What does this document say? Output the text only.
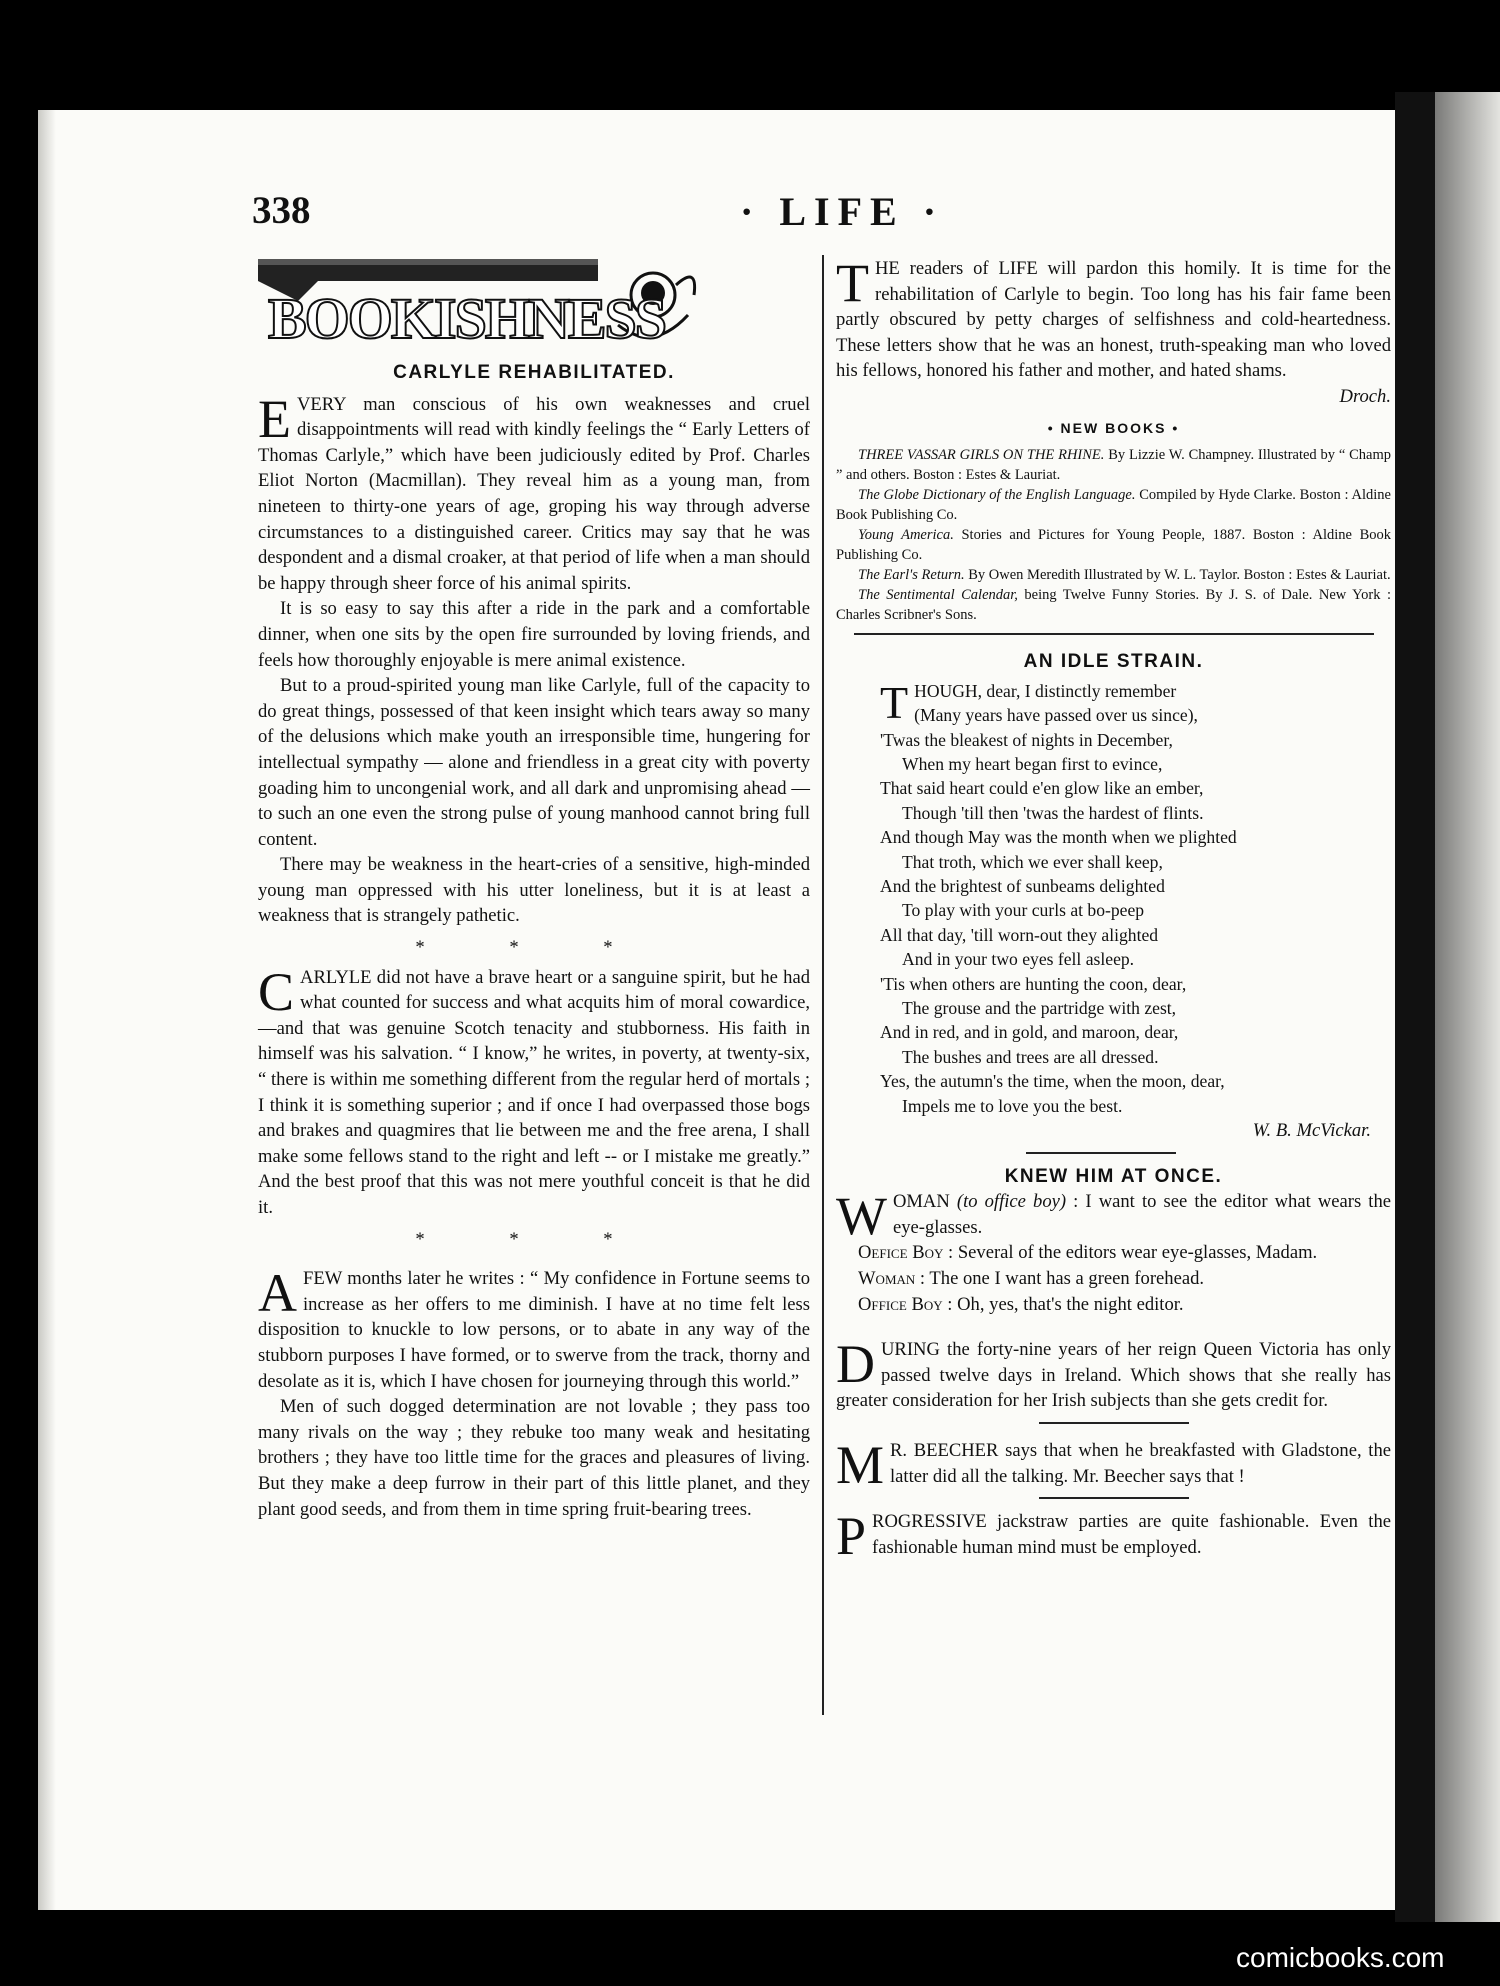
338	· LIFE ·
BOOKISHNESS
CARLYLE REHABILITATED.

EVERY man conscious of his own weaknesses and cruel disappointments will read with kindly feelings the “ Early Letters of Thomas Carlyle,” which have been judiciously edited by Prof. Charles Eliot Norton (Macmillan). They reveal him as a young man, from nineteen to thirty-one years of age, groping his way through adverse circumstances to a distinguished career. Critics may say that he was despondent and a dismal croaker, at that period of life when a man should be happy through sheer force of his animal spirits.

It is so easy to say this after a ride in the park and a comfortable dinner, when one sits by the open fire surrounded by loving friends, and feels how thoroughly enjoyable is mere animal existence.

But to a proud-spirited young man like Carlyle, full of the capacity to do great things, possessed of that keen insight which tears away so many of the delusions which make youth an irresponsible time, hungering for intellectual sympathy — alone and friendless in a great city with poverty goading him to uncongenial work, and all dark and unpromising ahead — to such an one even the strong pulse of young manhood cannot bring full content.

There may be weakness in the heart-cries of a sensitive, high-minded young man oppressed with his utter loneliness, but it is at least a weakness that is strangely pathetic.

* * *

CARLYLE did not have a brave heart or a sanguine spirit, but he had what counted for success and what acquits him of moral cowardice,—and that was genuine Scotch tenacity and stubborness. His faith in himself was his salvation. “ I know,” he writes, in poverty, at twenty-six, “ there is within me something different from the regular herd of mortals ; I think it is something superior ; and if once I had overpassed those bogs and brakes and quagmires that lie between me and the free arena, I shall make some fellows stand to the right and left -- or I mistake me greatly.” And the best proof that this was not mere youthful conceit is that he did it.

* * *

AFEW months later he writes : “ My confidence in Fortune seems to increase as her offers to me diminish. I have at no time felt less disposition to knuckle to low persons, or to abate in any way of the stubborn purposes I have formed, or to swerve from the track, thorny and desolate as it is, which I have chosen for journeying through this world.”

Men of such dogged determination are not lovable ; they pass too many rivals on the way ; they rebuke too many weak and hesitating brothers ; they have too little time for the graces and pleasures of living. But they make a deep furrow in their part of this little planet, and they plant good seeds, and from them in time spring fruit-bearing trees.

THE readers of LIFE will pardon this homily. It is time for the rehabilitation of Carlyle to begin. Too long has his fair fame been partly obscured by petty charges of selfishness and cold-heartedness. These letters show that he was an honest, truth-speaking man who loved his fellows, honored his father and mother, and hated shams.

Droch.
• NEW BOOKS •

THREE VASSAR GIRLS ON THE RHINE. By Lizzie W. Champney. Illustrated by “ Champ ” and others. Boston : Estes & Lauriat.

The Globe Dictionary of the English Language. Compiled by Hyde Clarke. Boston : Aldine Book Publishing Co.

Young America. Stories and Pictures for Young People, 1887. Boston : Aldine Book Publishing Co.

The Earl's Return. By Owen Meredith Illustrated by W. L. Taylor. Boston : Estes & Lauriat.

The Sentimental Calendar, being Twelve Funny Stories. By J. S. of Dale. New York : Charles Scribner's Sons.

AN IDLE STRAIN.
THOUGH, dear, I distinctly remember
(Many years have passed over us since),
'Twas the bleakest of nights in December,
When my heart began first to evince,
That said heart could e'en glow like an ember,
Though 'till then 'twas the hardest of flints.
And though May was the month when we plighted
That troth, which we ever shall keep,
And the brightest of sunbeams delighted
To play with your curls at bo-peep
All that day, 'till worn-out they alighted
And in your two eyes fell asleep.
'Tis when others are hunting the coon, dear,
The grouse and the partridge with zest,
And in red, and in gold, and maroon, dear,
The bushes and trees are all dressed.
Yes, the autumn's the time, when the moon, dear,
Impels me to love you the best.
W. B. McVickar.
KNEW HIM AT ONCE.

WOMAN (to office boy) : I want to see the editor what wears the eye-glasses.

Oefice Boy : Several of the editors wear eye-glasses, Madam.

Woman : The one I want has a green forehead.

Office Boy : Oh, yes, that's the night editor.

DURING the forty-nine years of her reign Queen Victoria has only passed twelve days in Ireland. Which shows that she really has greater consideration for her Irish subjects than she gets credit for.

M R. BEECHER says that when he breakfasted with Gladstone, the latter did all the talking. Mr. Beecher says that !

PROGRESSIVE jackstraw parties are quite fashionable. Even the fashionable human mind must be employed.

comicbooks.com
